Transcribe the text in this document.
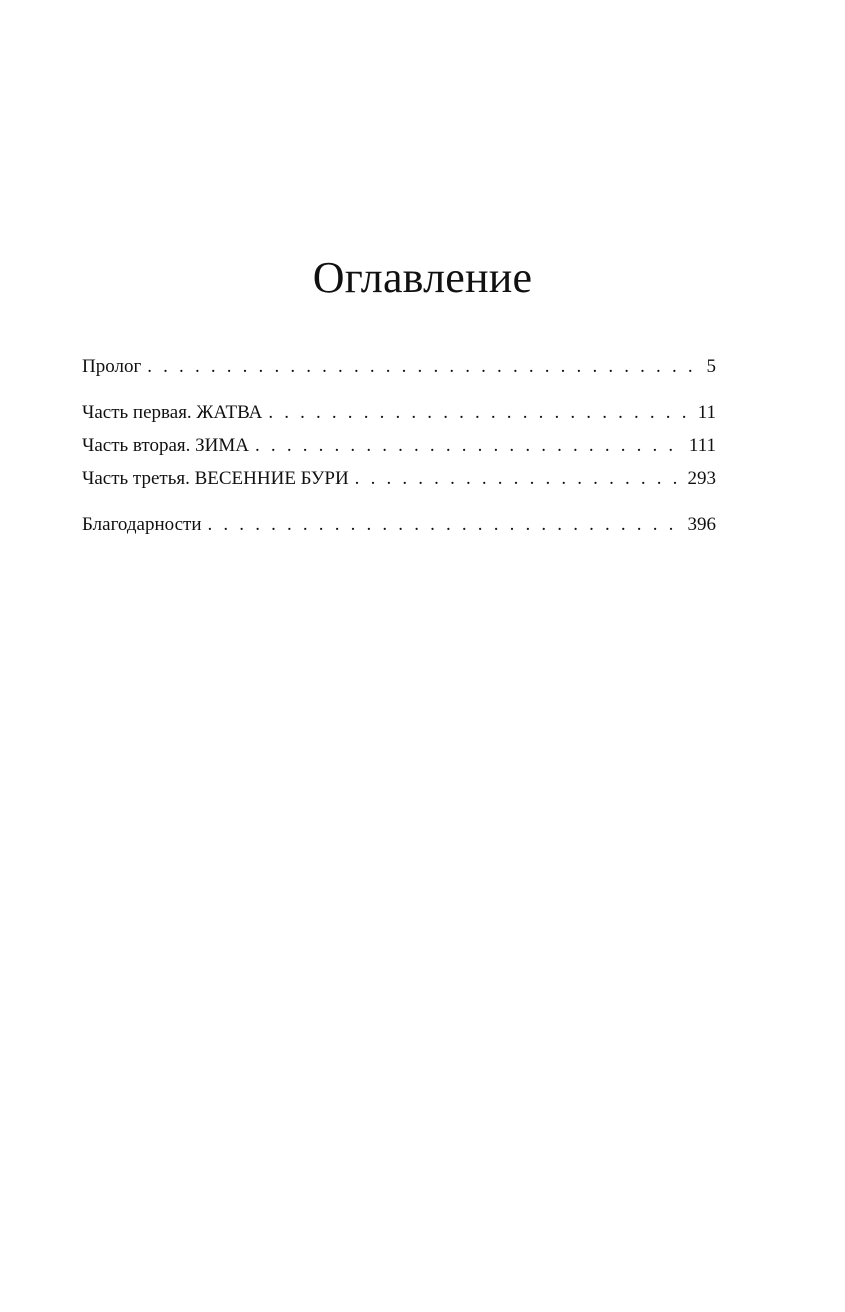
Оглавление
Пролог . . .	5
Часть первая. ЖАТВА . . .	11
Часть вторая. ЗИМА . . .	111
Часть третья. ВЕСЕННИЕ БУРИ . . .	293
Благодарности . . .	396
